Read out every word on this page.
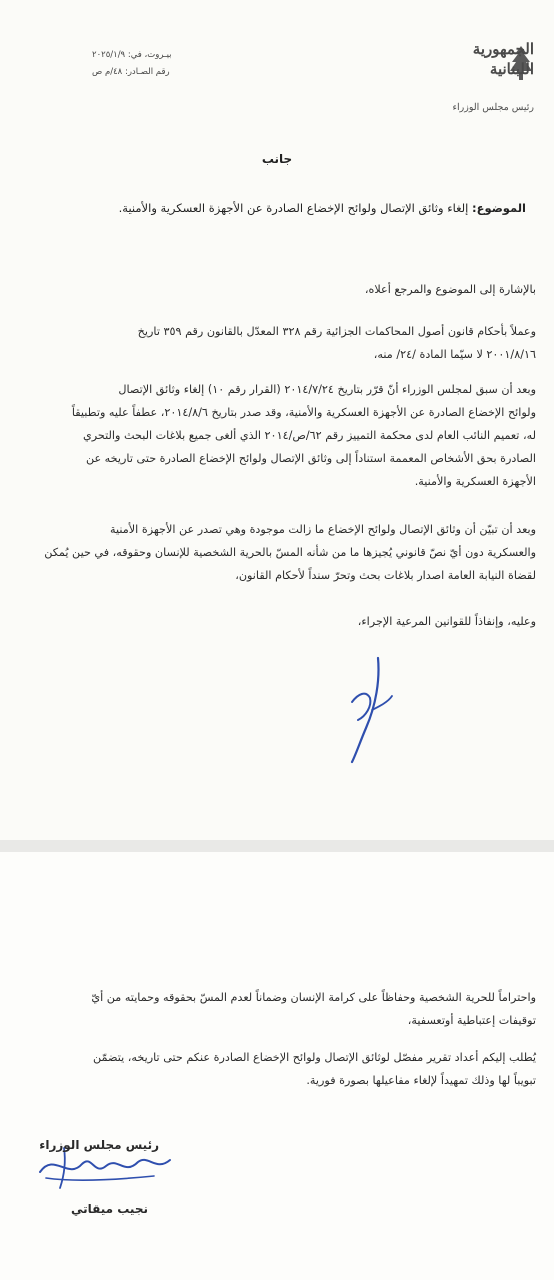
الجمهورية
اللبنانية
رئيس مجلس الوزراء
بيـروت، في: ٢٠٢٥/١/٩
رقم الصـادر: ٤٨/م ص
جانب
الموضوع: إلغاء وثائق الإتصال ولوائح الإخضاع الصادرة عن الأجهزة العسكرية والأمنية.
بالإشارة إلى الموضوع والمرجع أعلاه،
وعملاً بأحكام قانون أصول المحاكمات الجزائية رقم ٣٢٨ المعدّل بالقانون رقم ٣٥٩ تاريخ
٢٠٠١/٨/١٦ لا سيّما المادة /٢٤/ منه،
وبعد أن سبق لمجلس الوزراء أنّ قرّر بتاريخ ٢٠١٤/٧/٢٤ (القرار رقم ١٠) إلغاء وثائق الإتصال
ولوائح الإخضاع الصادرة عن الأجهزة العسكرية والأمنية، وقد صدر بتاريخ ٢٠١٤/٨/٦، عطفاً عليه وتطبيقاً
له، تعميم النائب العام لدى محكمة التمييز رقم ٦٢/ص/٢٠١٤ الذي ألغى جميع بلاغات البحث والتحري
الصادرة بحق الأشخاص المعممة استناداً إلى وثائق الإتصال ولوائح الإخضاع الصادرة حتى تاريخه عن
الأجهزة العسكرية والأمنية.
وبعد أن تبيّن أن وثائق الإتصال ولوائح الإخضاع ما زالت موجودة وهي تصدر عن الأجهزة الأمنية
والعسكرية دون أيّ نصّ قانوني يُجيزها ما من شأنه المسّ بالحرية الشخصية للإنسان وحقوقه، في حين يُمكن
لقضاة النيابة العامة اصدار بلاغات بحث وتحرّ سنداً لأحكام القانون،
وعليه، وإنفاذاً للقوانين المرعية الإجراء،
واحتراماً للحرية الشخصية وحفاظاً على كرامة الإنسان وضماناً لعدم المسّ بحقوقه وحمايته من أيّ
توقيفات إعتباطية أوتعسفية،
يُطلب إليكم أعداد تقرير مفصّل لوثائق الإتصال ولوائح الإخضاع الصادرة عنكم حتى تاريخه، يتضمّن
تبويباً لها وذلك تمهيداً لإلغاء مفاعيلها بصورة فورية.
رئيس مجلس الوزراء
نجيب ميقاتي
